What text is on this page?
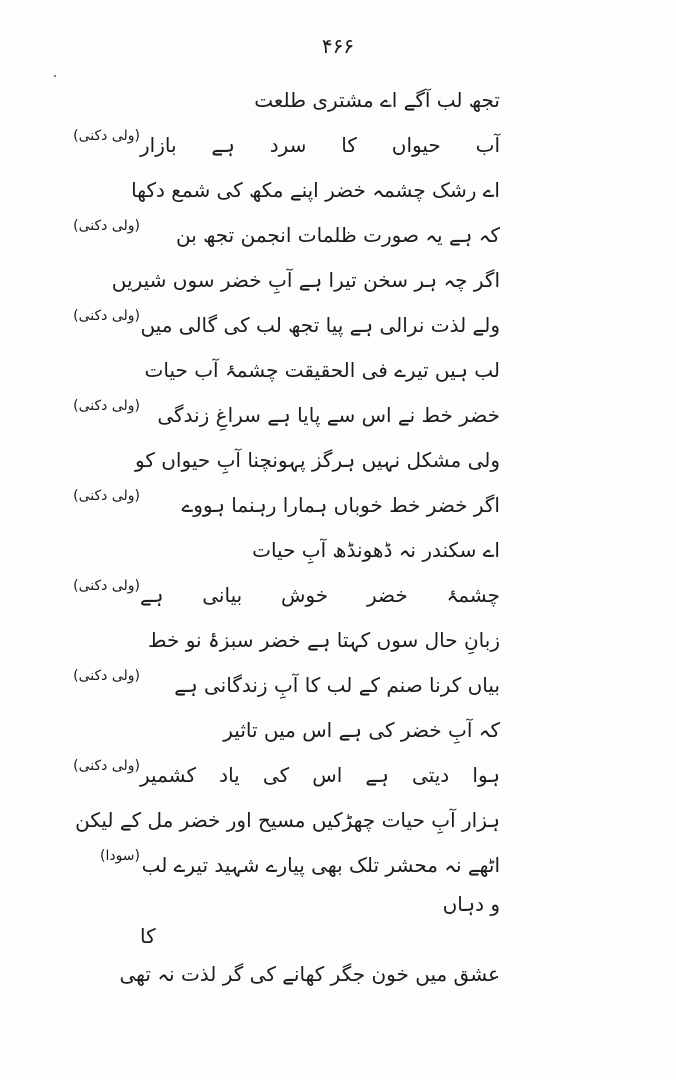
۴۶۶
تجھ لب آگے اے مشتری طلعت
آب حیواں کا سرد ہے بازار
اے رشک چشمہ خضر اپنے مکھ کی شمع دکھا
کہ ہے یہ صورت ظلمات انجمن تجھ بن
اگر چہ ہر سخن تیرا ہے آبِ خضر سوں شیریں
ولے لذت نرالی ہے پیا تجھ لب کی گالی میں
لب ہیں تیرے فی الحقیقت چشمۂ آب حیات
خضر خط نے اس سے پایا ہے سراغِ زندگی
ولی مشکل نہیں ہرگز پہونچنا آبِ حیواں کو
اگر خضر خط خوباں ہمارا رہنما ہووے
اے سکندر نہ ڈھونڈھ آبِ حیات
چشمۂ خضر خوش بیانی ہے
زبانِ حال سوں کہتا ہے خضر سبزۂ نو خط
بیاں کرنا صنم کے لب کا آبِ زندگانی ہے
کہ آبِ خضر کی ہے اس میں تاثیر
ہوا دیتی ہے اس کی یاد کشمیر
ہزار آبِ حیات چھڑکیں مسیح اور خضر مل کے لیکن
اٹھے نہ محشر تلک بھی پیارے شہید تیرے لب
و دہاں
کا
عشق میں خون جگر کھانے کی گر لذت نہ تھی
(ولی دکنی)
(ولی دکنی)
(ولی دکنی)
(ولی دکنی)
(ولی دکنی)
(ولی دکنی)
(ولی دکنی)
(ولی دکنی)
(سودا)
